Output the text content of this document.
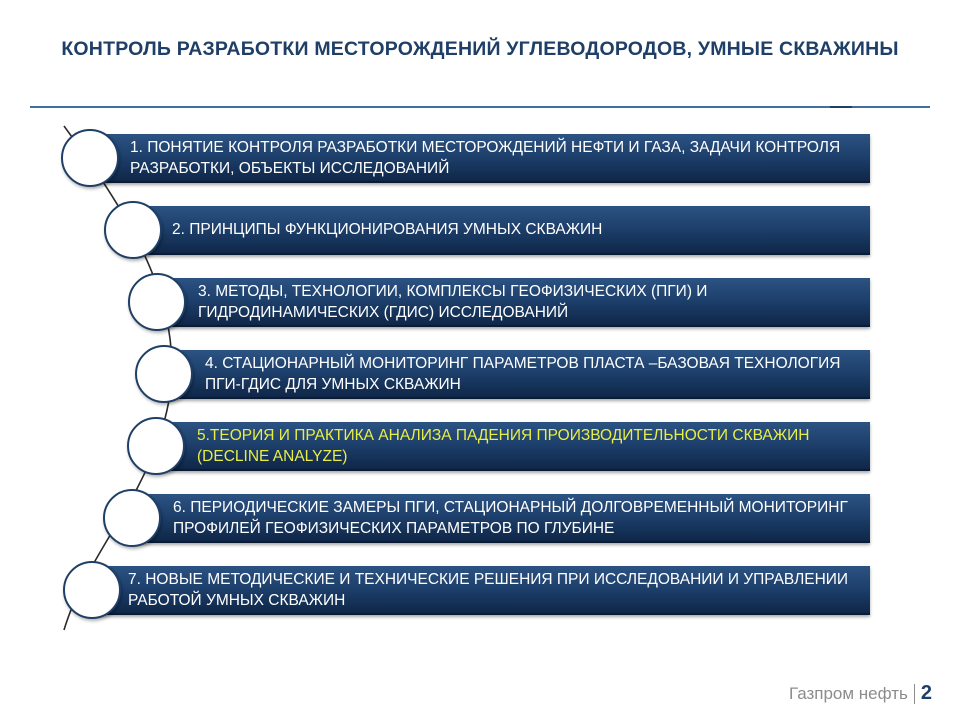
КОНТРОЛЬ РАЗРАБОТКИ МЕСТОРОЖДЕНИЙ УГЛЕВОДОРОДОВ, УМНЫЕ СКВАЖИНЫ
1. ПОНЯТИЕ КОНТРОЛЯ РАЗРАБОТКИ МЕСТОРОЖДЕНИЙ НЕФТИ И ГАЗА, ЗАДАЧИ КОНТРОЛЯ РАЗРАБОТКИ, ОБЪЕКТЫ ИССЛЕДОВАНИЙ
2. ПРИНЦИПЫ ФУНКЦИОНИРОВАНИЯ УМНЫХ СКВАЖИН
3. МЕТОДЫ, ТЕХНОЛОГИИ, КОМПЛЕКСЫ ГЕОФИЗИЧЕСКИХ (ПГИ) И ГИДРОДИНАМИЧЕСКИХ (ГДИС) ИССЛЕДОВАНИЙ
4. СТАЦИОНАРНЫЙ МОНИТОРИНГ ПАРАМЕТРОВ ПЛАСТА –БАЗОВАЯ ТЕХНОЛОГИЯ ПГИ-ГДИС ДЛЯ УМНЫХ СКВАЖИН
5.ТЕОРИЯ И ПРАКТИКА АНАЛИЗА ПАДЕНИЯ ПРОИЗВОДИТЕЛЬНОСТИ СКВАЖИН (DECLINE ANALYZE)
6. ПЕРИОДИЧЕСКИЕ ЗАМЕРЫ ПГИ, СТАЦИОНАРНЫЙ ДОЛГОВРЕМЕННЫЙ МОНИТОРИНГ ПРОФИЛЕЙ ГЕОФИЗИЧЕСКИХ ПАРАМЕТРОВ ПО ГЛУБИНЕ
7. НОВЫЕ МЕТОДИЧЕСКИЕ И ТЕХНИЧЕСКИЕ РЕШЕНИЯ ПРИ ИССЛЕДОВАНИИ И УПРАВЛЕНИИ РАБОТОЙ УМНЫХ СКВАЖИН
Газпром нефть 2
